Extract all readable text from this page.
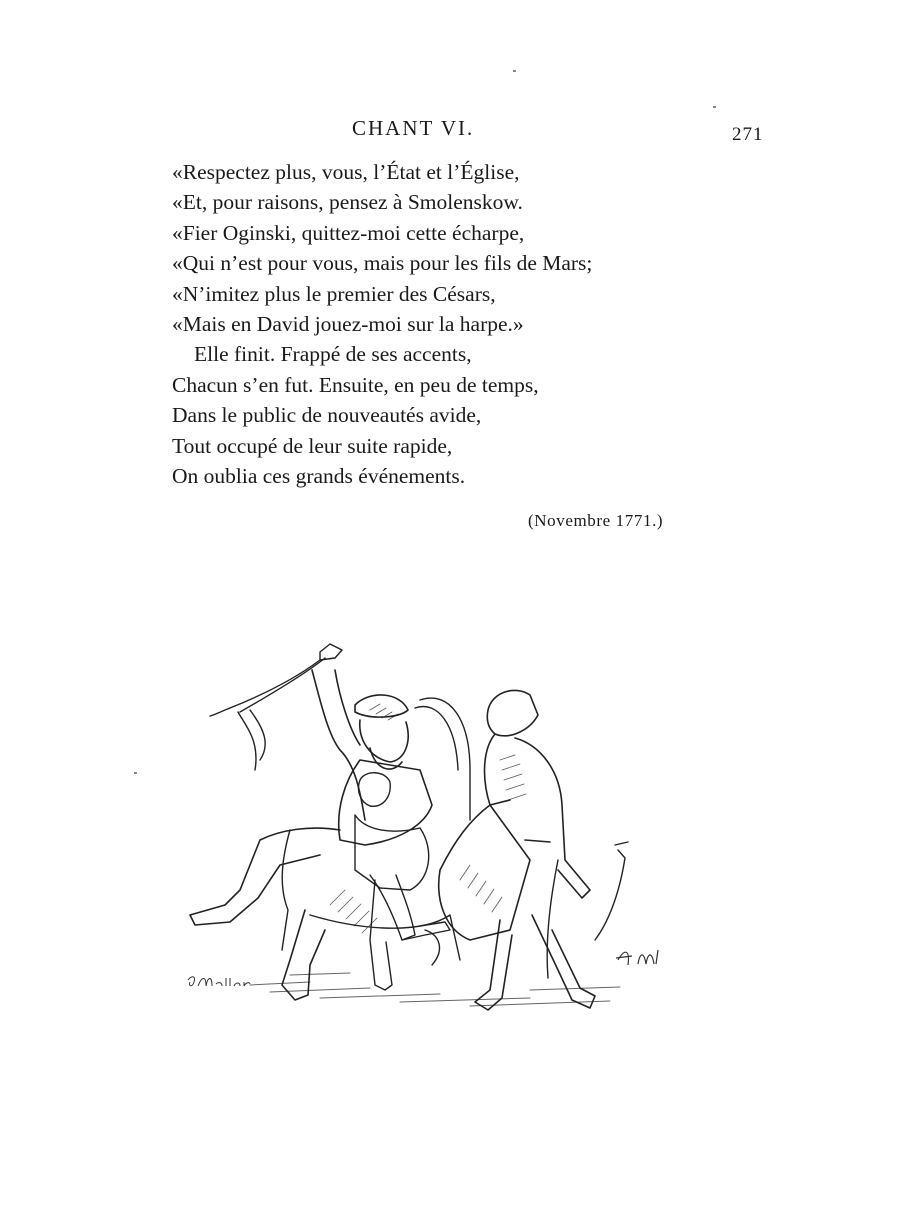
CHANT VI.	271
«Respectez plus, vous, l’État et l’Église,
«Et, pour raisons, pensez à Smolenskow.
«Fier Oginski, quittez-moi cette écharpe,
«Qui n’est pour vous, mais pour les fils de Mars;
«N’imitez plus le premier des Césars,
«Mais en David jouez-moi sur la harpe.»
Elle finit. Frappé de ses accents,
Chacun s’en fut. Ensuite, en peu de temps,
Dans le public de nouveautés avide,
Tout occupé de leur suite rapide,
On oublia ces grands événements.
(Novembre 1771.)
